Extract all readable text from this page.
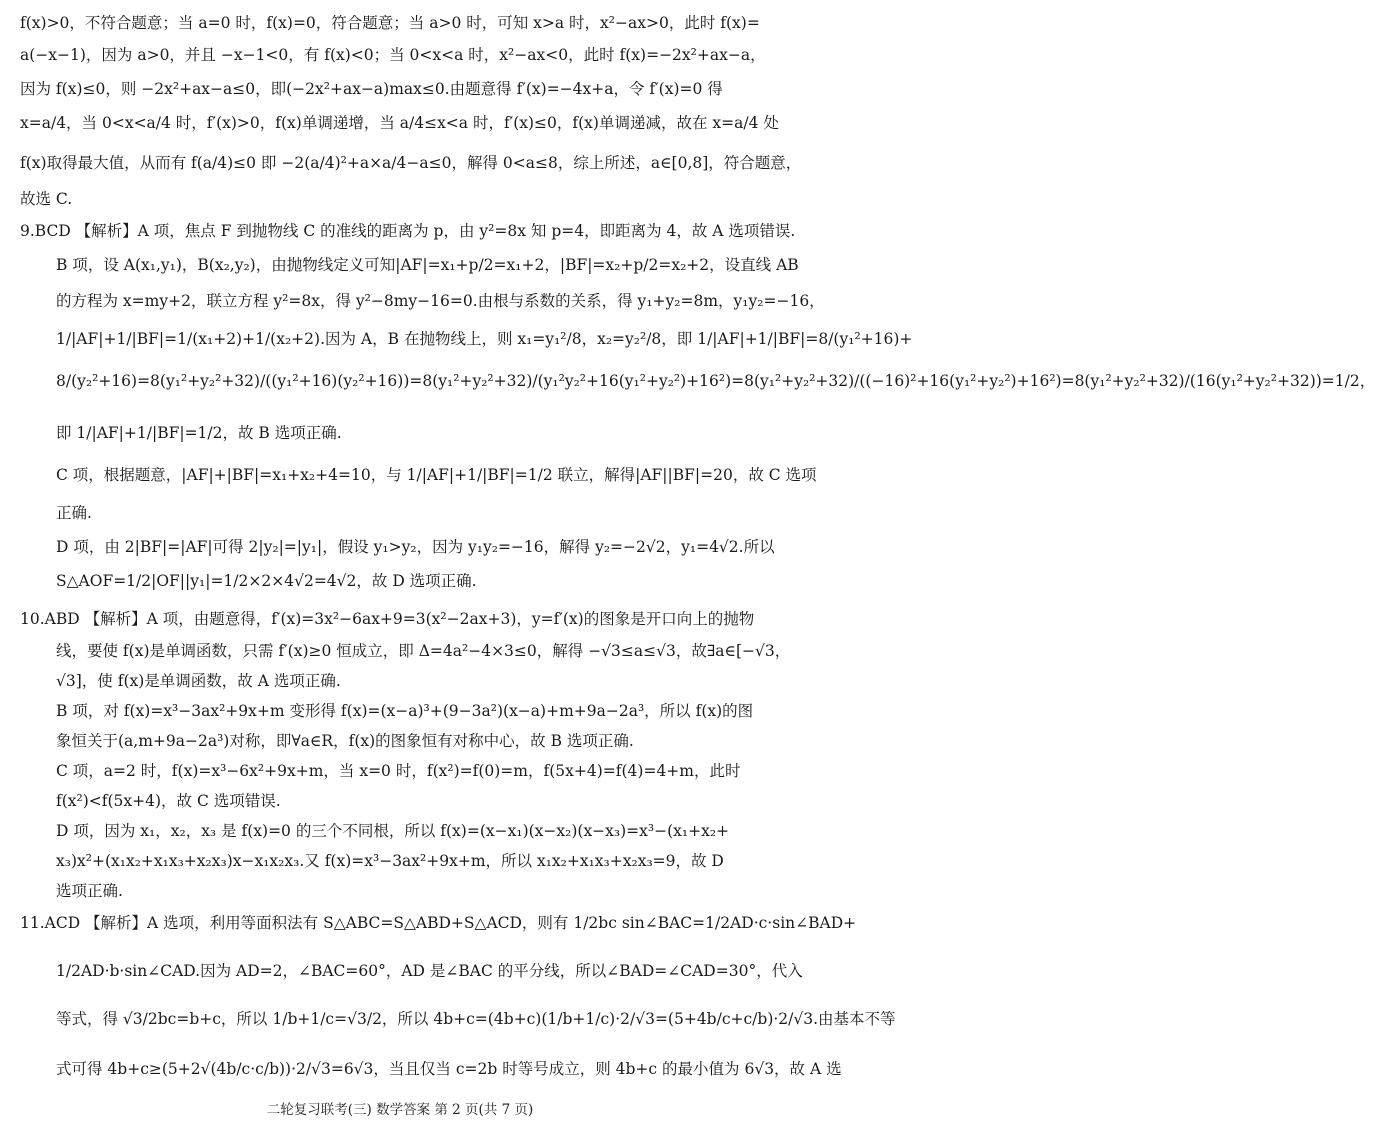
f(x)>0，不符合题意；当 a=0 时，f(x)=0，符合题意；当 a>0 时，可知 x>a 时，x²−ax>0，此时 f(x)=
a(−x−1)，因为 a>0，并且 −x−1<0，有 f(x)<0；当 0<x<a 时，x²−ax<0，此时 f(x)=−2x²+ax−a，
因为 f(x)≤0，则 −2x²+ax−a≤0，即(−2x²+ax−a)max≤0.由题意得 f′(x)=−4x+a，令 f′(x)=0 得
x=a/4，当 0<x<a/4 时，f′(x)>0，f(x)单调递增，当 a/4≤x<a 时，f′(x)≤0，f(x)单调递减，故在 x=a/4 处
f(x)取得最大值，从而有 f(a/4)≤0 即 −2(a/4)²+a×a/4−a≤0，解得 0<a≤8，综上所述，a∈[0,8]，符合题意，
故选 C.
9.BCD 【解析】A 项，焦点 F 到抛物线 C 的准线的距离为 p，由 y²=8x 知 p=4，即距离为 4，故 A 选项错误.
B 项，设 A(x₁,y₁)，B(x₂,y₂)，由抛物线定义可知|AF|=x₁+p/2=x₁+2，|BF|=x₂+p/2=x₂+2，设直线 AB
的方程为 x=my+2，联立方程 y²=8x，得 y²−8my−16=0.由根与系数的关系，得 y₁+y₂=8m，y₁y₂=−16，
1/|AF|+1/|BF|=1/(x₁+2)+1/(x₂+2).因为 A，B 在抛物线上，则 x₁=y₁²/8，x₂=y₂²/8，即 1/|AF|+1/|BF|=8/(y₁²+16)+
8/(y₂²+16)=8(y₁²+y₂²+32)/((y₁²+16)(y₂²+16))=8(y₁²+y₂²+32)/(y₁²y₂²+16(y₁²+y₂²)+16²)=8(y₁²+y₂²+32)/((−16)²+16(y₁²+y₂²)+16²)=8(y₁²+y₂²+32)/(16(y₁²+y₂²+32))=1/2，
即 1/|AF|+1/|BF|=1/2，故 B 选项正确.
C 项，根据题意，|AF|+|BF|=x₁+x₂+4=10，与 1/|AF|+1/|BF|=1/2 联立，解得|AF||BF|=20，故 C 选项
正确.
D 项，由 2|BF|=|AF|可得 2|y₂|=|y₁|，假设 y₁>y₂，因为 y₁y₂=−16，解得 y₂=−2√2，y₁=4√2.所以
S△AOF=1/2|OF||y₁|=1/2×2×4√2=4√2，故 D 选项正确.
10.ABD 【解析】A 项，由题意得，f′(x)=3x²−6ax+9=3(x²−2ax+3)，y=f′(x)的图象是开口向上的抛物
线，要使 f(x)是单调函数，只需 f′(x)≥0 恒成立，即 Δ=4a²−4×3≤0，解得 −√3≤a≤√3，故∃a∈[−√3，
√3]，使 f(x)是单调函数，故 A 选项正确.
B 项，对 f(x)=x³−3ax²+9x+m 变形得 f(x)=(x−a)³+(9−3a²)(x−a)+m+9a−2a³，所以 f(x)的图
象恒关于(a,m+9a−2a³)对称，即∀a∈R，f(x)的图象恒有对称中心，故 B 选项正确.
C 项，a=2 时，f(x)=x³−6x²+9x+m，当 x=0 时，f(x²)=f(0)=m，f(5x+4)=f(4)=4+m，此时
f(x²)<f(5x+4)，故 C 选项错误.
D 项，因为 x₁，x₂，x₃ 是 f(x)=0 的三个不同根，所以 f(x)=(x−x₁)(x−x₂)(x−x₃)=x³−(x₁+x₂+
x₃)x²+(x₁x₂+x₁x₃+x₂x₃)x−x₁x₂x₃.又 f(x)=x³−3ax²+9x+m，所以 x₁x₂+x₁x₃+x₂x₃=9，故 D
选项正确.
11.ACD 【解析】A 选项，利用等面积法有 S△ABC=S△ABD+S△ACD，则有 1/2bc sin∠BAC=1/2AD·c·sin∠BAD+
1/2AD·b·sin∠CAD.因为 AD=2，∠BAC=60°，AD 是∠BAC 的平分线，所以∠BAD=∠CAD=30°，代入
等式，得 √3/2bc=b+c，所以 1/b+1/c=√3/2，所以 4b+c=(4b+c)(1/b+1/c)·2/√3=(5+4b/c+c/b)·2/√3.由基本不等
式可得 4b+c≥(5+2√(4b/c·c/b))·2/√3=6√3，当且仅当 c=2b 时等号成立，则 4b+c 的最小值为 6√3，故 A 选
二轮复习联考(三) 数学答案 第 2 页(共 7 页)
